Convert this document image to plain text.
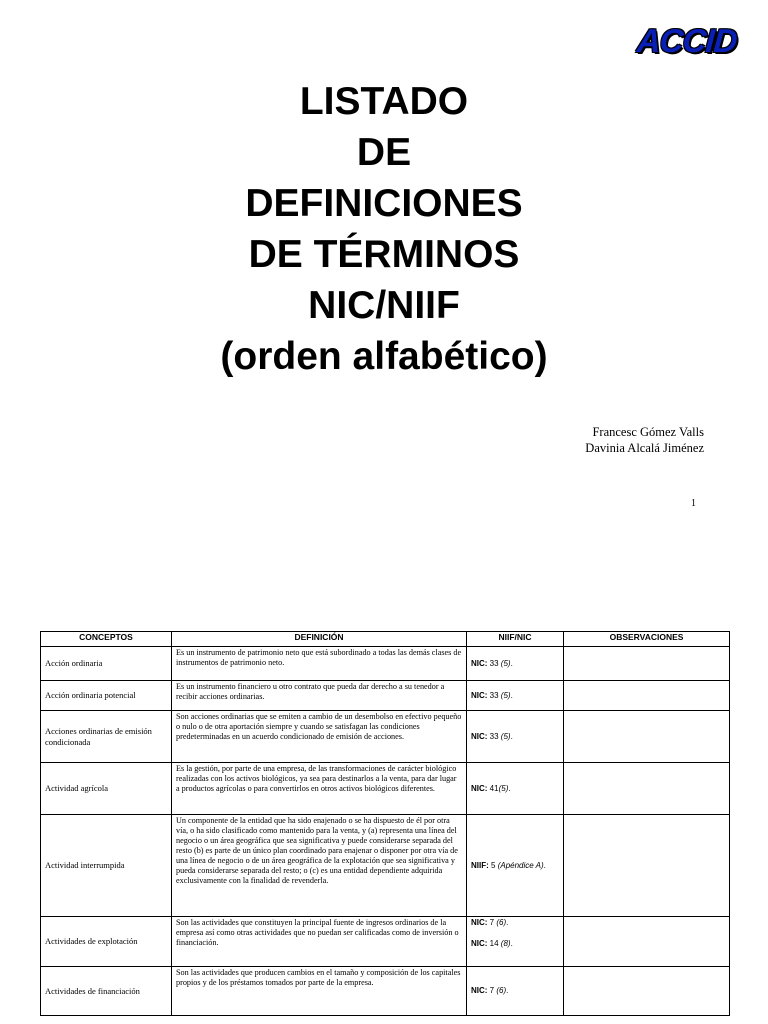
ACCID
LISTADO
DE
DEFINICIONES
DE TÉRMINOS
NIC/NIIF
(orden alfabético)
Francesc Gómez Valls
Davinia Alcalá Jiménez
1
CONCEPTOS	DEFINICIÓN	NIIF/NIC	OBSERVACIONES
Acción ordinaria	Es un instrumento de patrimonio neto que está subordinado a todas las demás clases de instrumentos de patrimonio neto.	NIC: 33 (5).	

Acción ordinaria potencial	Es un instrumento financiero u otro contrato que pueda dar derecho a su tenedor a recibir acciones ordinarias.	NIC: 33 (5).	

Acciones ordinarias de emisión condicionada	Son acciones ordinarias que se emiten a cambio de un desembolso en efectivo pequeño o nulo o de otra aportación siempre y cuando se satisfagan las condiciones predeterminadas en un acuerdo condicionado de emisión de acciones.	NIC: 33 (5).	

Actividad agrícola	Es la gestión, por parte de una empresa, de las transformaciones de carácter biológico realizadas con los activos biológicos, ya sea para destinarlos a la venta, para dar lugar a productos agrícolas o para convertirlos en otros activos biológicos diferentes.	NIC: 41(5).	

Actividad interrumpida	Un componente de la entidad que ha sido enajenado o se ha dispuesto de él por otra vía, o ha sido clasificado como mantenido para la venta, y (a) representa una línea del negocio o un área geográfica que sea significativa y puede considerarse separada del resto (b) es parte de un único plan coordinado para enajenar o disponer por otra vía de una línea de negocio o de un área geográfica de la explotación que sea significativa y pueda considerarse separada del resto; o (c) es una entidad dependiente adquirida exclusivamente con la finalidad de revenderla.	NIIF: 5 (Apéndice A).	

Actividades de explotación	Son las actividades que constituyen la principal fuente de ingresos ordinarios de la empresa así como otras actividades que no puedan ser calificadas como de inversión o financiación.	NIC: 7 (6).
NIC: 14 (8).	

Actividades de financiación	Son las actividades que producen cambios en el tamaño y composición de los capitales propios y de los préstamos tomados por parte de la empresa.	NIC: 7 (6).	
